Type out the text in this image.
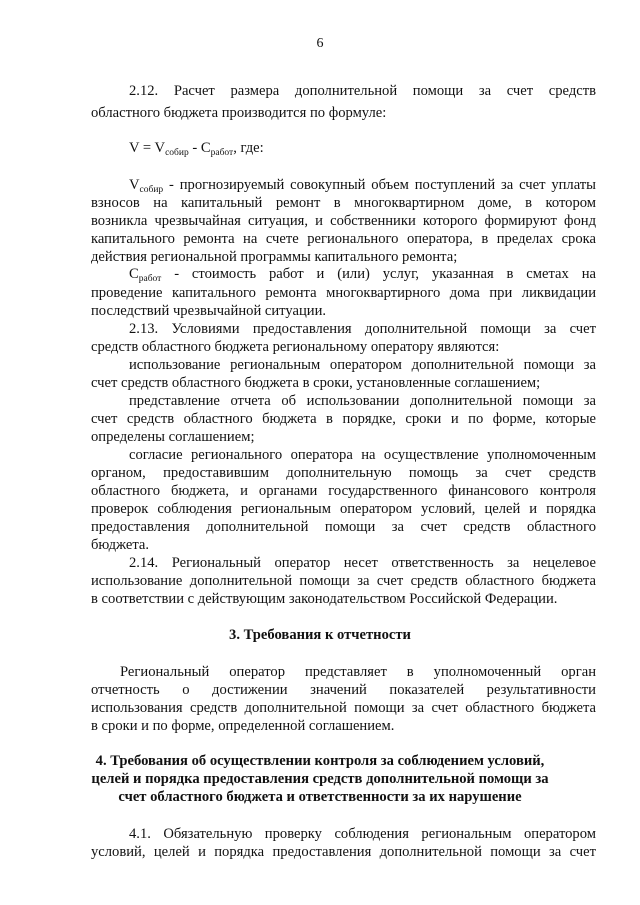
6
2.12. Расчет размера дополнительной помощи за счет средств
областного бюджета производится по формуле:
$V = V_{собир} - C_{работ}$, где:
$V_{собир}$ - прогнозируемый совокупный объем поступлений за счет уплаты
взносов на капитальный ремонт в многоквартирном доме, в котором
возникла чрезвычайная ситуация, и собственники которого формируют фонд
капитального ремонта на счете регионального оператора, в пределах срока
действия региональной программы капитального ремонта;
$C_{работ}$ - стоимость работ и (или) услуг, указанная в сметах на
проведение капитального ремонта многоквартирного дома при ликвидации
последствий чрезвычайной ситуации.
2.13. Условиями предоставления дополнительной помощи за счет
средств областного бюджета региональному оператору являются:
использование региональным оператором дополнительной помощи за
счет средств областного бюджета в сроки, установленные соглашением;
представление отчета об использовании дополнительной помощи за
счет средств областного бюджета в порядке, сроки и по форме, которые
определены соглашением;
согласие регионального оператора на осуществление уполномоченным
органом, предоставившим дополнительную помощь за счет средств
областного бюджета, и органами государственного финансового контроля
проверок соблюдения региональным оператором условий, целей и порядка
предоставления дополнительной помощи за счет средств областного
бюджета.
2.14. Региональный оператор несет ответственность за нецелевое
использование дополнительной помощи за счет средств областного бюджета
в соответствии с действующим законодательством Российской Федерации.
3. Требования к отчетности
Региональный оператор представляет в уполномоченный орган
отчетность о достижении значений показателей результативности
использования средств дополнительной помощи за счет областного бюджета
в сроки и по форме, определенной соглашением.
4. Требования об осуществлении контроля за соблюдением условий,
целей и порядка предоставления средств дополнительной помощи за
счет областного бюджета и ответственности за их нарушение
4.1. Обязательную проверку соблюдения региональным оператором
условий, целей и порядка предоставления дополнительной помощи за счет
